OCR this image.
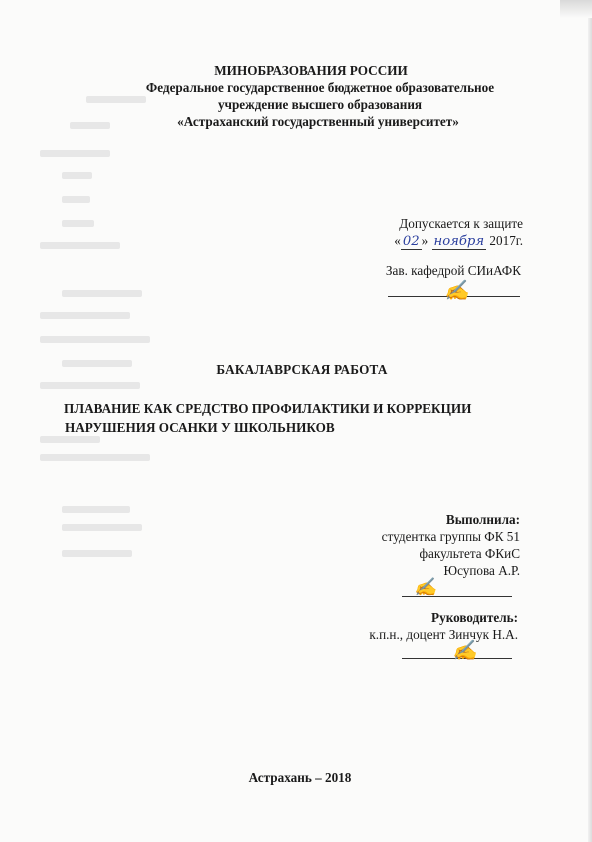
МИНОБРАЗОВАНИЯ РОССИИ
Федеральное государственное бюджетное образовательное
учреждение высшего образования
«Астраханский государственный университет»
Допускается к защите
« 02 » ноября 2017г.
Зав. кафедрой СИиАФК
✍
БАКАЛАВРСКАЯ РАБОТА
ПЛАВАНИЕ КАК СРЕДСТВО ПРОФИЛАКТИКИ И КОРРЕКЦИИ
НАРУШЕНИЯ ОСАНКИ У ШКОЛЬНИКОВ
Выполнила:
студентка группы ФК 51
факультета ФКиС
Юсупова А.Р.
✍
Руководитель:
к.п.н., доцент Зинчук Н.А.
✍
Астрахань – 2018
